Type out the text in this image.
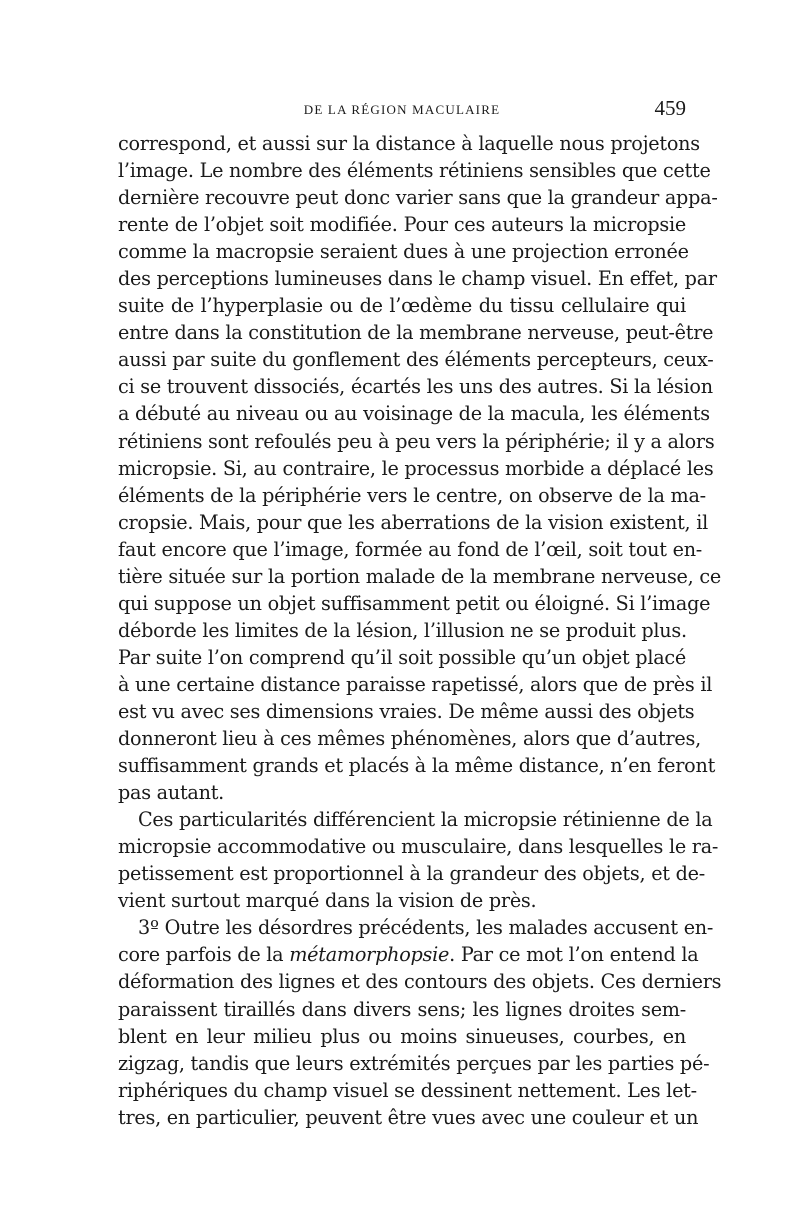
DE LA RÉGION MACULAIRE	459
correspond, et aussi sur la distance à laquelle nous projetons
l’image. Le nombre des éléments rétiniens sensibles que cette
dernière recouvre peut donc varier sans que la grandeur appa-
rente de l’objet soit modifiée. Pour ces auteurs la micropsie
comme la macropsie seraient dues à une projection erronée
des perceptions lumineuses dans le champ visuel. En effet, par
suite de l’hyperplasie ou de l’œdème du tissu cellulaire qui
entre dans la constitution de la membrane nerveuse, peut-être
aussi par suite du gonflement des éléments percepteurs, ceux-
ci se trouvent dissociés, écartés les uns des autres. Si la lésion
a débuté au niveau ou au voisinage de la macula, les éléments
rétiniens sont refoulés peu à peu vers la périphérie; il y a alors
micropsie. Si, au contraire, le processus morbide a déplacé les
éléments de la périphérie vers le centre, on observe de la ma-
cropsie. Mais, pour que les aberrations de la vision existent, il
faut encore que l’image, formée au fond de l’œil, soit tout en-
tière située sur la portion malade de la membrane nerveuse, ce
qui suppose un objet suffisamment petit ou éloigné. Si l’image
déborde les limites de la lésion, l’illusion ne se produit plus.
Par suite l’on comprend qu’il soit possible qu’un objet placé
à une certaine distance paraisse rapetissé, alors que de près il
est vu avec ses dimensions vraies. De même aussi des objets
donneront lieu à ces mêmes phénomènes, alors que d’autres,
suffisamment grands et placés à la même distance, n’en feront
pas autant.
Ces particularités différencient la micropsie rétinienne de la
micropsie accommodative ou musculaire, dans lesquelles le ra-
petissement est proportionnel à la grandeur des objets, et de-
vient surtout marqué dans la vision de près.
3º Outre les désordres précédents, les malades accusent en-
core parfois de la métamorphopsie. Par ce mot l’on entend la
déformation des lignes et des contours des objets. Ces derniers
paraissent tiraillés dans divers sens; les lignes droites sem-
blent en leur milieu plus ou moins sinueuses, courbes, en
zigzag, tandis que leurs extrémités perçues par les parties pé-
riphériques du champ visuel se dessinent nettement. Les let-
tres, en particulier, peuvent être vues avec une couleur et un
